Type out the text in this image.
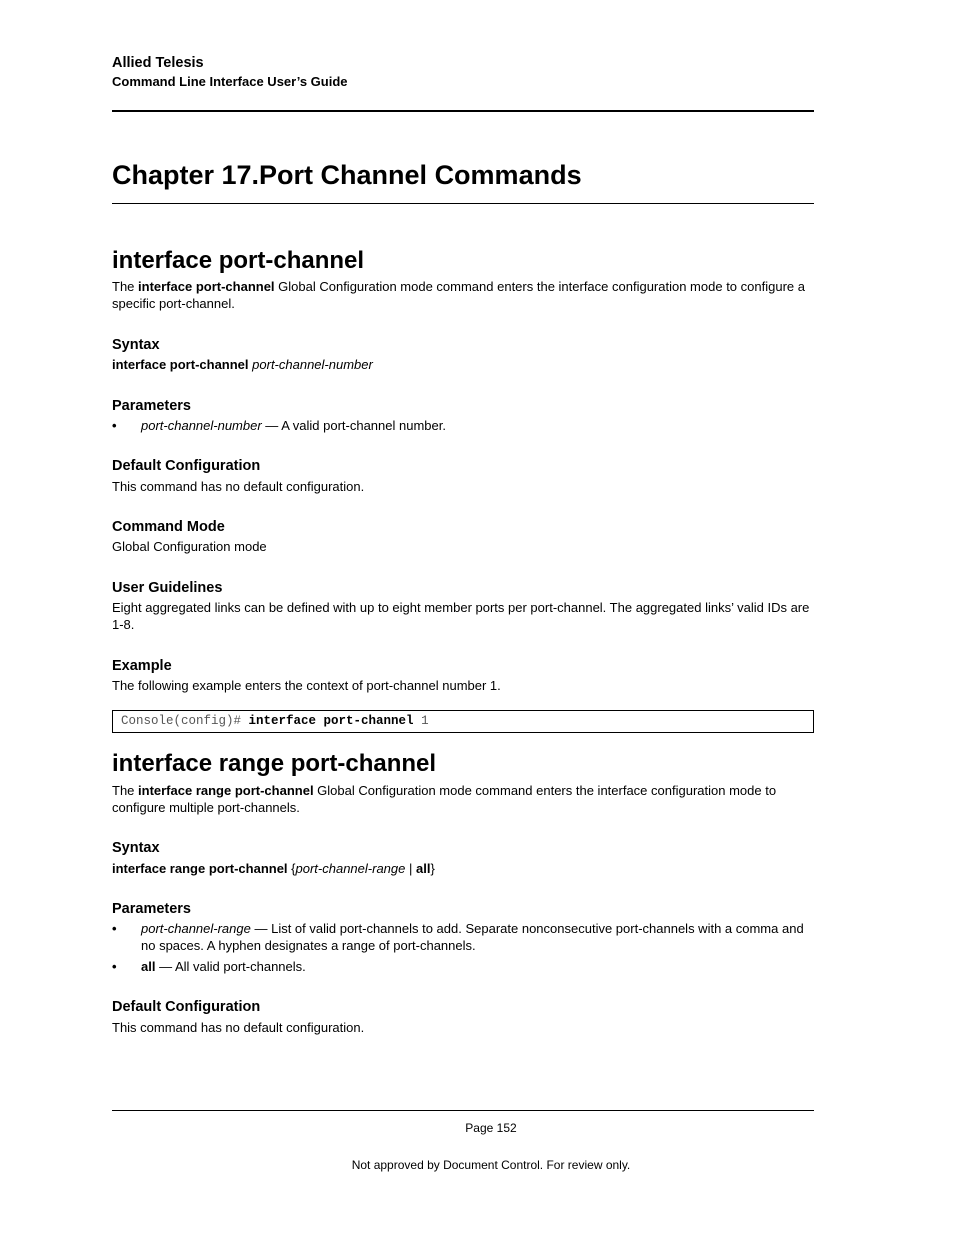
Allied Telesis
Command Line Interface User’s Guide
Chapter 17.Port Channel Commands
interface port-channel

The interface port-channel Global Configuration mode command enters the interface configuration mode to configure a specific port-channel.

Syntax

interface port-channel port-channel-number

Parameters
• port-channel-number — A valid port-channel number.
Default Configuration

This command has no default configuration.

Command Mode

Global Configuration mode

User Guidelines

Eight aggregated links can be defined with up to eight member ports per port-channel. The aggregated links’ valid IDs are 1-8.

Example

The following example enters the context of port-channel number 1.

Console(config)# interface port-channel 1
interface range port-channel

The interface range port-channel Global Configuration mode command enters the interface configuration mode to configure multiple port-channels.

Syntax

interface range port-channel {port-channel-range | all}

Parameters
• port-channel-range — List of valid port-channels to add. Separate nonconsecutive port-channels with a comma and no spaces. A hyphen designates a range of port-channels.
• all — All valid port-channels.
Default Configuration

This command has no default configuration.

Page 152
Not approved by Document Control. For review only.
